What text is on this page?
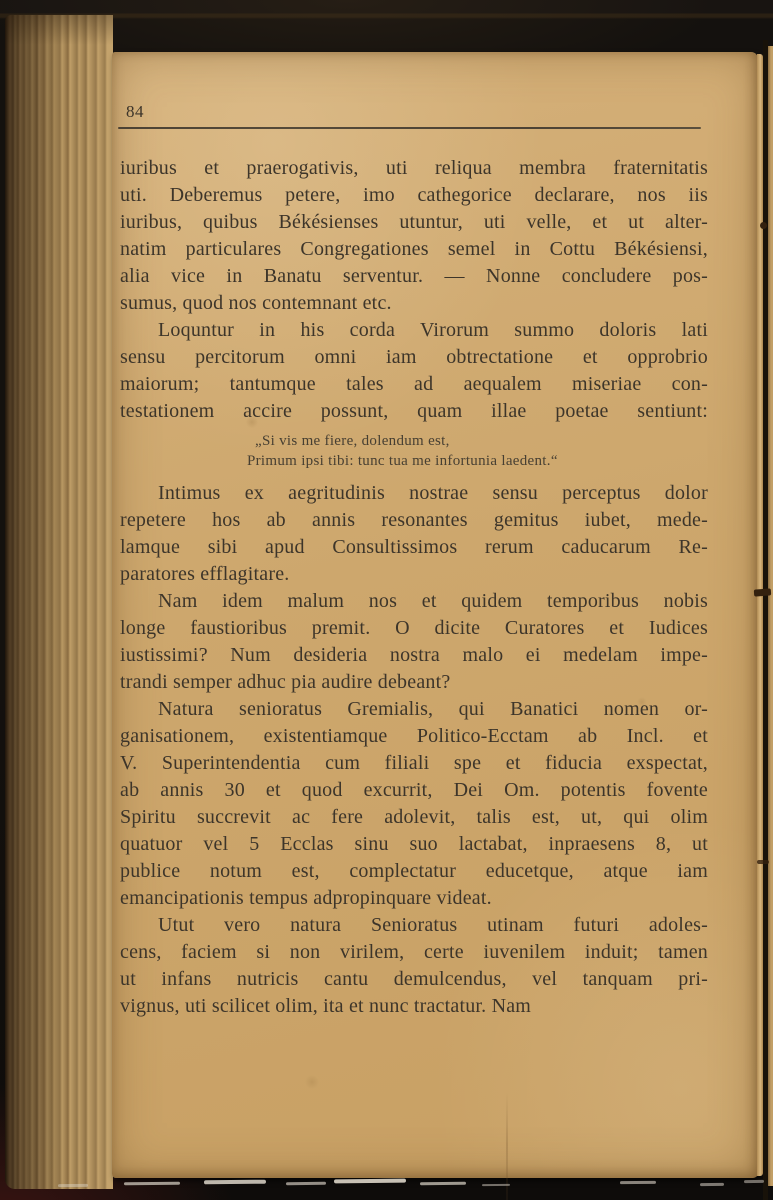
84
iuribus et praerogativis, uti reliqua membra fraternitatis
uti. Deberemus petere, imo cathegorice declarare, nos iis
iuribus, quibus Békésienses utuntur, uti velle, et ut alter-
natim particulares Congregationes semel in Cottu Békésiensi,
alia vice in Banatu serventur. — Nonne concludere pos-
sumus, quod nos contemnant etc.
Loquntur in his corda Virorum summo doloris lati
sensu percitorum omni iam obtrectatione et opprobrio
maiorum; tantumque tales ad aequalem miseriae con-
testationem accire possunt, quam illae poetae sentiunt:
„Si vis me fiere, dolendum est,
Primum ipsi tibi: tunc tua me infortunia laedent.“
Intimus ex aegritudinis nostrae sensu perceptus dolor
repetere hos ab annis resonantes gemitus iubet, mede-
lamque sibi apud Consultissimos rerum caducarum Re-
paratores efflagitare.
Nam idem malum nos et quidem temporibus nobis
longe faustioribus premit. O dicite Curatores et Iudices
iustissimi? Num desideria nostra malo ei medelam impe-
trandi semper adhuc pia audire debeant?
Natura senioratus Gremialis, qui Banatici nomen or-
ganisationem, existentiamque Politico-Ecctam ab Incl. et
V. Superintendentia cum filiali spe et fiducia exspectat,
ab annis 30 et quod excurrit, Dei Om. potentis fovente
Spiritu succrevit ac fere adolevit, talis est, ut, qui olim
quatuor vel 5 Ecclas sinu suo lactabat, inpraesens 8, ut
publice notum est, complectatur educetque, atque iam
emancipationis tempus adpropinquare videat.
Utut vero natura Senioratus utinam futuri adoles-
cens, faciem si non virilem, certe iuvenilem induit; tamen
ut infans nutricis cantu demulcendus, vel tanquam pri-
vignus, uti scilicet olim, ita et nunc tractatur. Nam
